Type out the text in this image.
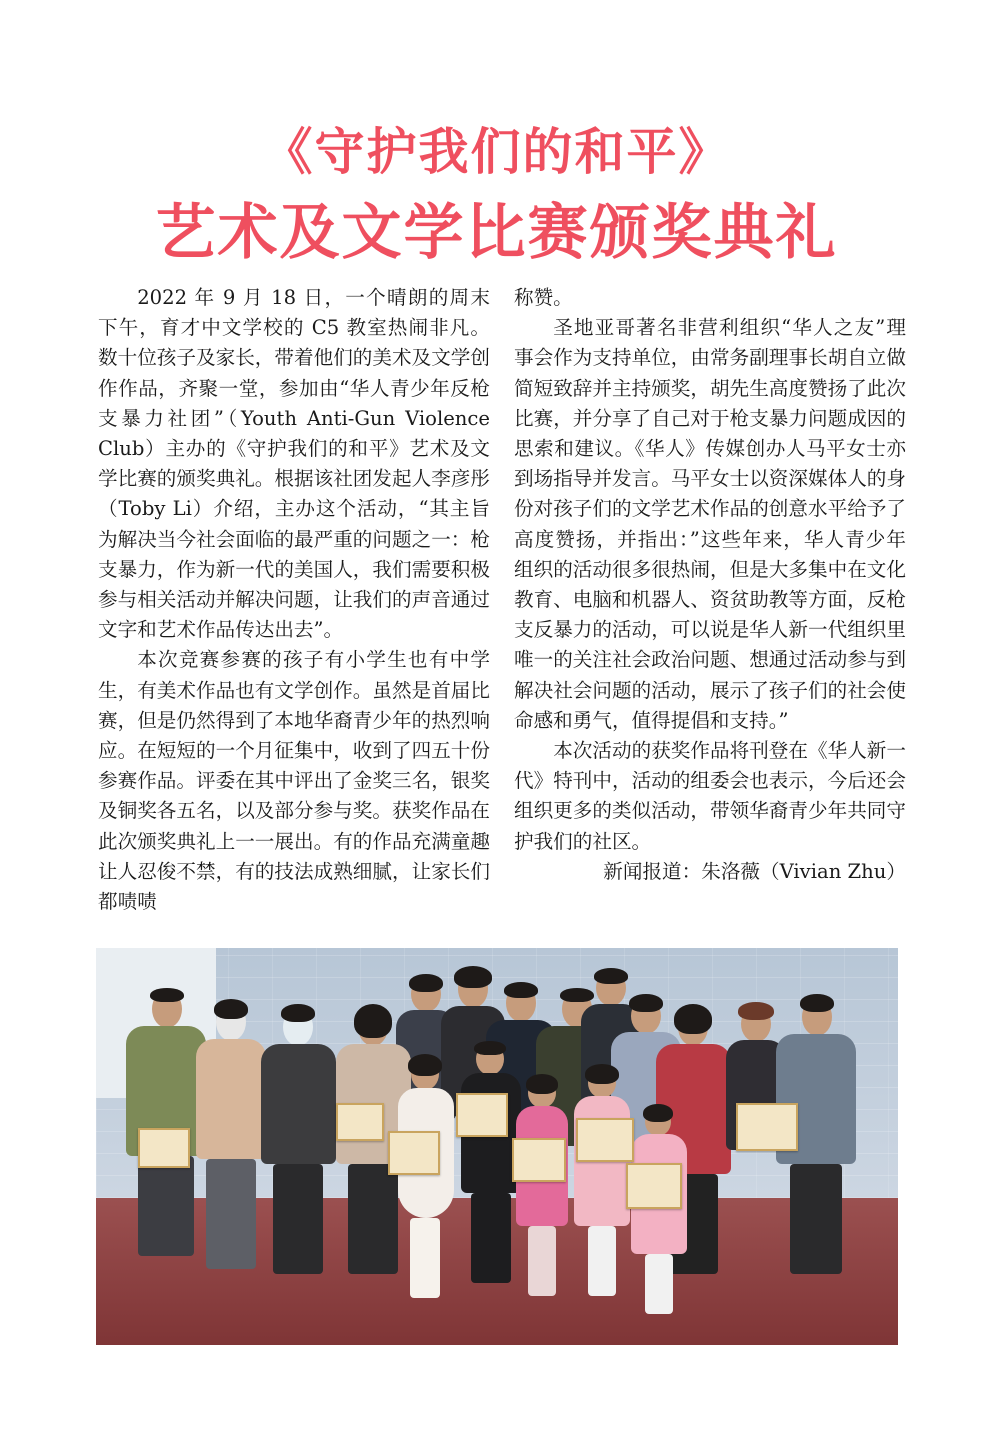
《守护我们的和平》
艺术及文学比赛颁奖典礼

2022 年 9 月 18 日，一个晴朗的周末下午，育才中文学校的 C5 教室热闹非凡。数十位孩子及家长，带着他们的美术及文学创作作品，齐聚一堂，参加由“华人青少年反枪支暴力社团”（Youth Anti-Gun Violence Club）主办的《守护我们的和平》艺术及文学比赛的颁奖典礼。根据该社团发起人李彦彤（Toby Li）介绍，主办这个活动，“其主旨为解决当今社会面临的最严重的问题之一：枪支暴力，作为新一代的美国人，我们需要积极参与相关活动并解决问题，让我们的声音通过文字和艺术作品传达出去”。

本次竞赛参赛的孩子有小学生也有中学生，有美术作品也有文学创作。虽然是首届比赛，但是仍然得到了本地华裔青少年的热烈响应。在短短的一个月征集中，收到了四五十份参赛作品。评委在其中评出了金奖三名，银奖及铜奖各五名，以及部分参与奖。获奖作品在此次颁奖典礼上一一展出。有的作品充满童趣让人忍俊不禁，有的技法成熟细腻，让家长们都啧啧

称赞。

圣地亚哥著名非营利组织“华人之友”理事会作为支持单位，由常务副理事长胡自立做简短致辞并主持颁奖，胡先生高度赞扬了此次比赛，并分享了自己对于枪支暴力问题成因的思索和建议。《华人》传媒创办人马平女士亦到场指导并发言。马平女士以资深媒体人的身份对孩子们的文学艺术作品的创意水平给予了高度赞扬，并指出：”这些年来，华人青少年组织的活动很多很热闹，但是大多集中在文化教育、电脑和机器人、资贫助教等方面，反枪支反暴力的活动，可以说是华人新一代组织里唯一的关注社会政治问题、想通过活动参与到解决社会问题的活动，展示了孩子们的社会使命感和勇气，值得提倡和支持。”

本次活动的获奖作品将刊登在《华人新一代》特刊中，活动的组委会也表示，今后还会组织更多的类似活动，带领华裔青少年共同守护我们的社区。

新闻报道：朱洛薇（Vivian Zhu）
